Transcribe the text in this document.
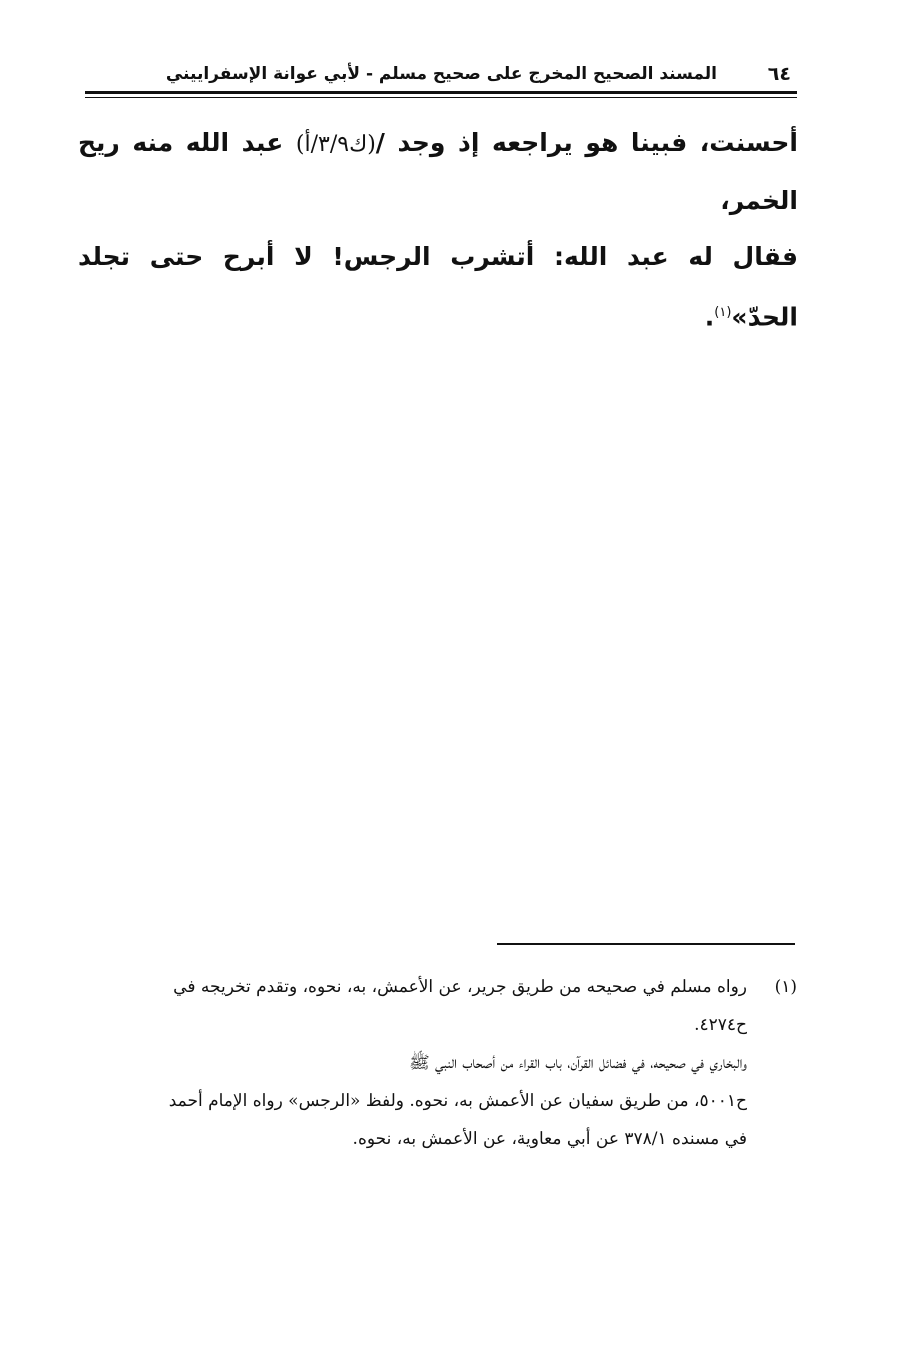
٦٤
المسند الصحيح المخرج على صحيح مسلم - لأبي عوانة الإسفراييني
أحسنت، فبينا هو يراجعه إذ وجد /(ك٣/٩/أ) عبد الله منه ريح الخمر،
فقال له عبد الله: أتشرب الرجس! لا أبرح حتى تجلد الحدّ»$^{(١)}$.
(١)
رواه مسلم في صحيحه من طريق جرير، عن الأعمش، به، نحوه، وتقدم تخريجه في
ح٤٢٧٤.
والبخاري في صحيحه، في فضائل القرآن، باب القراء من أصحاب النبي ﷺ
ح٥٠٠١، من طريق سفيان عن الأعمش به، نحوه. ولفظ «الرجس» رواه الإمام أحمد
في مسنده ٣٧٨/١ عن أبي معاوية، عن الأعمش به، نحوه.
